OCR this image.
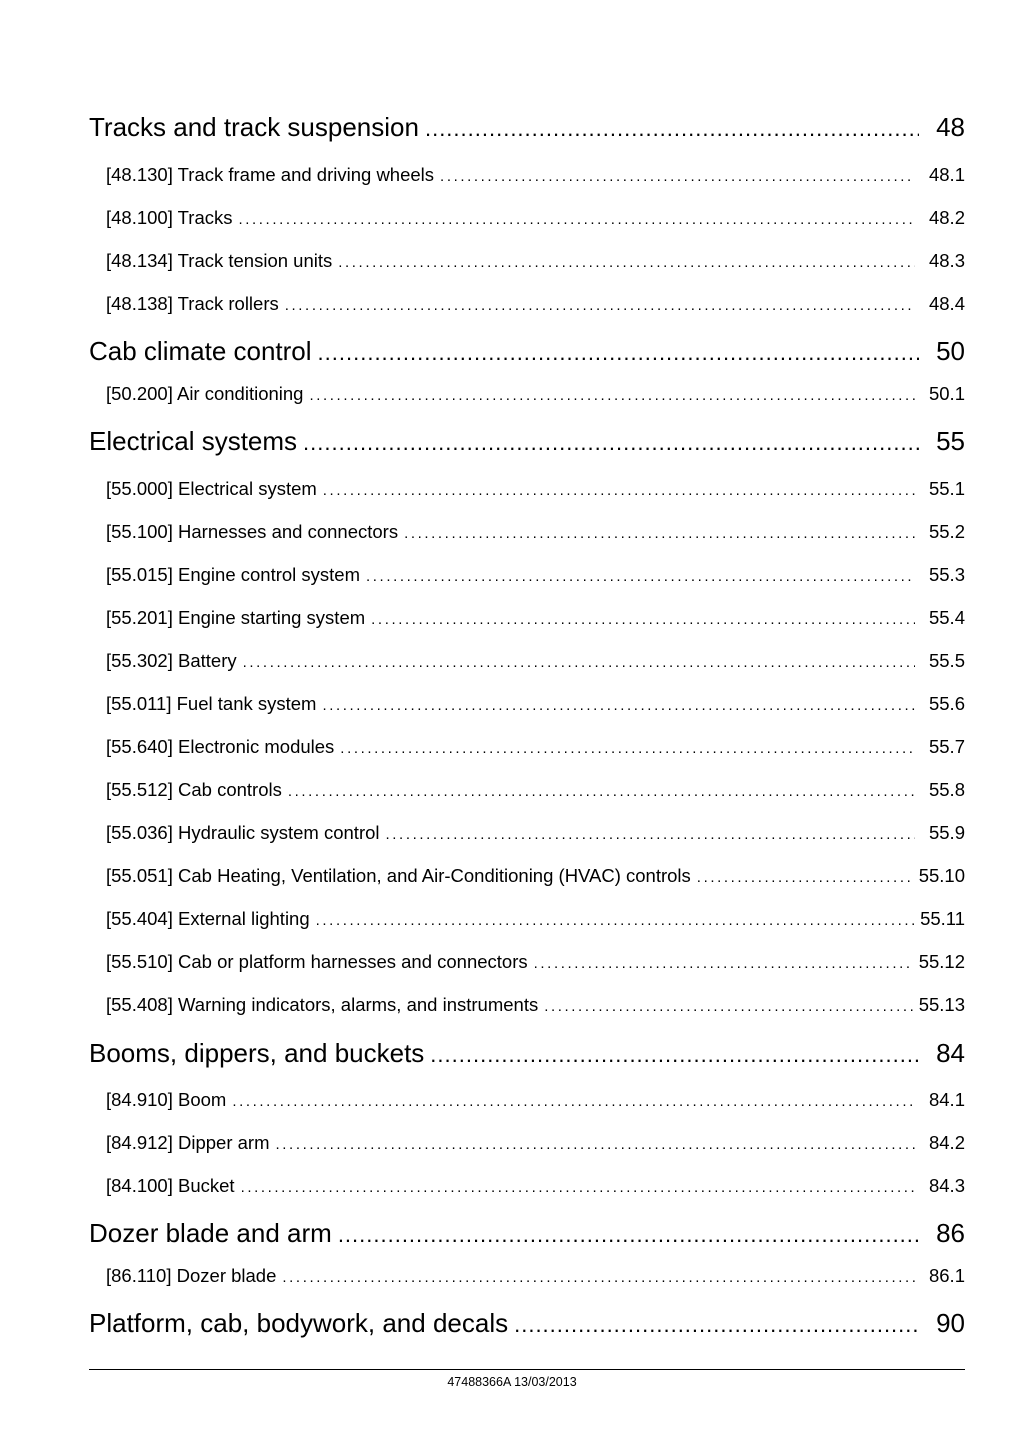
Tracks and track suspension .....	48
[48.130] Track frame and driving wheels .....	48.1
[48.100] Tracks .....	48.2
[48.134] Track tension units .....	48.3
[48.138] Track rollers .....	48.4
Cab climate control .....	50
[50.200] Air conditioning .....	50.1
Electrical systems .....	55
[55.000] Electrical system .....	55.1
[55.100] Harnesses and connectors .....	55.2
[55.015] Engine control system .....	55.3
[55.201] Engine starting system .....	55.4
[55.302] Battery .....	55.5
[55.011] Fuel tank system .....	55.6
[55.640] Electronic modules .....	55.7
[55.512] Cab controls .....	55.8
[55.036] Hydraulic system control .....	55.9
[55.051] Cab Heating, Ventilation, and Air-Conditioning (HVAC) controls .....	55.10
[55.404] External lighting .....	55.11
[55.510] Cab or platform harnesses and connectors .....	55.12
[55.408] Warning indicators, alarms, and instruments .....	55.13
Booms, dippers, and buckets .....	84
[84.910] Boom .....	84.1
[84.912] Dipper arm .....	84.2
[84.100] Bucket .....	84.3
Dozer blade and arm .....	86
[86.110] Dozer blade .....	86.1
Platform, cab, bodywork, and decals .....	90
47488366A 13/03/2013
